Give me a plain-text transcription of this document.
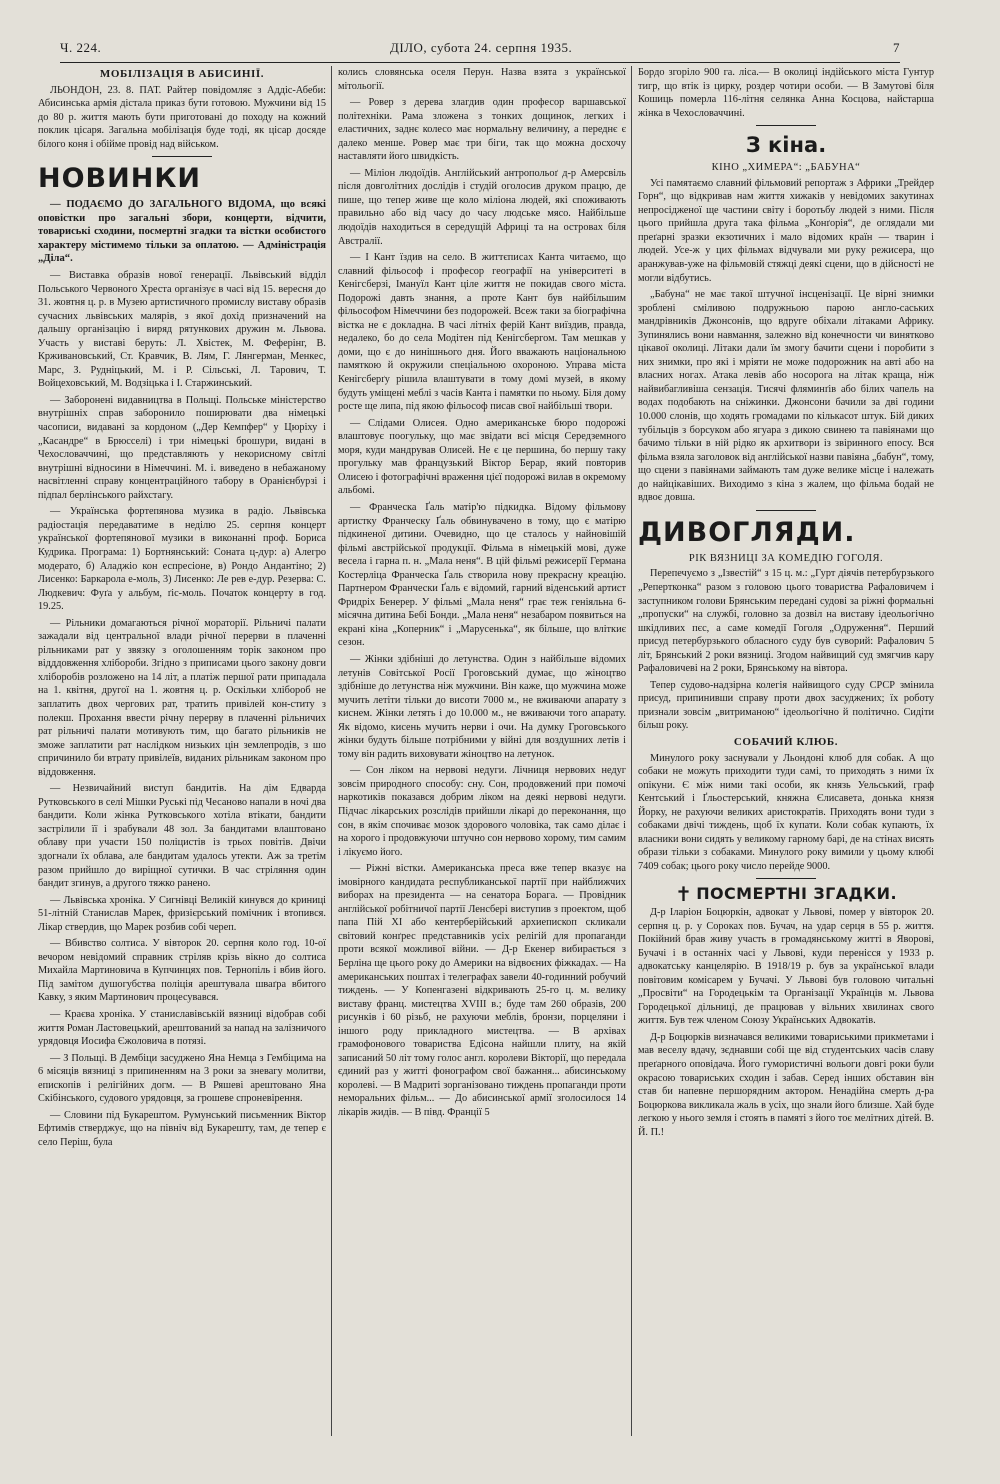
Ч. 224.	ДІЛО, субота 24. серпня 1935.	7
МОБІЛІЗАЦІЯ В АБИСИНІЇ.

ЛЬОНДОН, 23. 8. ПАТ. Райтер повідомляє з Аддіс-Абеби: Абисинська армія дістала приказ бути готовою. Мужчини від 15 до 80 р. життя мають бути приготовані до походу на кожний поклик цісаря. Загальна мобілізація буде тоді, як цісар досяде білого коня і обійме провід над військом.

НОВИНКИ

— ПОДАЄМО ДО ЗАГАЛЬНОГО ВІДОМА, що всякі оповістки про загальні збори, концерти, відчити, товариські сходини, посмертні згадки та вістки особистого характеру містимемо тільки за оплатою. — Адміністрація „Діла“.

— Виставка образів нової генерації. Львівський відділ Польського Червоного Хреста організує в часі від 15. вересня до 31. жовтня ц. р. в Музею артистичного промислу виставу образів сучасних львівських малярів, з якої дохід призначений на дальшу організацію і виряд рятункових дружин м. Львова. Участь у виставі беруть: Л. Хвістек, М. Феферінг, В. Крживановський, Ст. Кравчик, В. Лям, Г. Лянгерман, Менкес, Марс, З. Рудніцький, М. і Р. Сільські, Л. Тарович, Т. Войцеховський, М. Водзіцька і І. Старжинський.

— Заборонені видавництва в Польщі. Польське міністерство внутрішніх справ заборонило поширювати два німецькі часописи, видавані за кордоном („Дер Кемпфер“ у Цюріху і „Касандре“ в Брюсселі) і три німецькі брошури, видані в Чехословаччині, що представляють у некорисному світлі внутрішні відносини в Німеччині. М. і. виведено в небажаному насвітленні справу концентраційного табору в Оранієнбурзі і підпал берлінського райхстагу.

— Українська фортепянова музика в радіо. Львівська радіостація передаватиме в неділю 25. серпня концерт української фортепянової музики в виконанні проф. Бориса Кудрика. Програма: 1) Бортнянський: Соната ц-дур: а) Алегро модерато, б) Аладжіо кон еспресіоне, в) Рондо Андантіно; 2) Лисенко: Баркарола е-моль, 3) Лисенко: Ле рев е-дур. Резерва: С. Людкевич: Фуґа у альбум, ґіс-моль. Початок концерту в год. 19.25.

— Рільники домагаються річної мораторії. Рільничі палати зажадали від центральної влади річної перерви в плаченні рільниками рат у звязку з оголошенням торік законом про відддовження хлібороби. Згідно з приписами цього закону довги хліборобів розложено на 14 літ, а платіж першої рати припадала на 1. квітня, другої на 1. жовтня ц. р. Оскільки хлібороб не заплатить двох чергових рат, тратить привілей кон-ститу з полекш. Прохання ввести річну перерву в плаченні рільничих рат рільничі палати мотивують тим, що багато рільників не зможе заплатити рат наслідком низьких цін землепродів, з шо спричинило би втрату привілеїв, виданих рільникам законом про віддовження.

— Незвичайний виступ бандитів. На дім Едварда Рутковського в селі Мішки Руські під Чесаново напали в ночі два бандити. Коли жінка Рутковського хотіла втікати, бандити застрілили її і зрабували 48 зол. За бандитами влаштовано облаву при участи 150 поліцистів із трьох повітів. Двічи здогнали їх облава, але бандитам удалось утекти. Аж за третім разом прийшло до виріщної сутички. В час стріляння один бандит згинув, а другого тяжко ранено.

— Львівська хроніка. У Сигнівці Великій кинувся до криниці 51-літній Станислав Марек, фризієрський помічник і втопився. Лікар ствердив, що Марек розбив собі череп.

— Вбивство солтиса. У вівторок 20. серпня коло год. 10-ої вечором невідомий справник стріляв крізь вікно до солтиса Михайла Мартиновича в Купчинцях пов. Тернопіль і вбив його. Під замітом душогубства поліція арештувала шваґра вбитого Кавку, з яким Мартинович процесувався.

— Краєва хроніка. У станиславівській вязниці відобрав собі життя Роман Ластовецький, арештований за напад на залізничого урядовця Иосифа Єжоловича в потязі.

— З Польщі. В Дембіци засуджено Яна Немца з Гембіцима на 6 місяців вязниці з припиненням на 3 роки за зневагу молитви, епископів і релігійних догм. — В Ряшеві арештовано Яна Скібінського, судового урядовця, за грошеве спроневірення.

— Словини під Букарештом. Румунський письменник Віктор Ефтимів стверджує, що на північ від Букарешту, там, де тепер є село Періш, була

колись словянська оселя Перун. Назва взята з української мітольогії.

— Ровер з дерева злагдив один професор варшавської політехніки. Рама зложена з тонких дощинок, легких і еластичних, заднє колесо має нормальну величину, а переднє є далеко менше. Ровер має три біги, так що можна досхочу наставляти його швидкість.

— Міліон людоїдів. Англійський антропольоґ д-р Амерсвіль після довголітних дослідів і студій оголосив друком працю, де пише, що тепер живе ще коло міліона людей, які споживають правильно або від часу до часу людське мясо. Найбільше людоїдів находиться в середущій Африці та на островах біля Австралії.

— І Кант їздив на село. В життєписах Канта читаємо, що славний фільософ і професор географії на університеті в Кенігсберзі, Імануїл Кант ціле життя не покидав свого міста. Подорожі давть знання, а проте Кант був найбільшим фільософом Німеччини без подорожей. Всеж таки за біографічна вістка не є докладна. В часі літніх ферій Кант виїздив, правда, недалеко, бо до села Модітен під Кенігсбергом. Там мешкав у доми, що є до нинішнього дня. Його вважають національною памяткою й окружили спеціальною охороною. Управа міста Кенігсберґу рішила влаштувати в тому домі музей, в якому будуть уміщені меблі з часів Канта і памятки по ньому. Біля дому росте ще липа, під якою фільософ писав свої найбільші твори.

— Слідами Олисея. Одно американське бюро подорожі влаштовує поогульку, що має звідати всі місця Середземного моря, куди мандрував Олисей. Не є це першина, бо першу таку прогульку мав французький Віктор Берар, який повторив Олисею і фотографічні враження цієї подорожі вилав в окремому альбомі.

— Франческа Ґаль матір'ю підкидка. Відому фільмову артистку Франческу Ґаль обвинувачено в тому, що є матірю підкиненої дитини. Очевидно, що це сталось у найновішій фільмі австрійської продукції. Фільма в німецькій мові, дуже весела і гарна п. н. „Мала неня“. В цій фільмі режисерії Германа Костерліца Франческа Ґаль створила нову прекрасну креацію. Партнером Франчески Ґаль є відомий, гарний віденський артист Фридріх Бенерер. У фільмі „Мала неня“ грає теж геніяльна 6-місячна дитина Бебі Бонди. „Мала неня“ незабаром появиться на екрані кіна „Коперник“ і „Марусенька“, як більше, що вліткиє сезон.

— Жінки здібніші до летунства. Один з найбільше відомих летунів Совітської Росії Гроговський думає, що жіноцтво здібніше до летунства ніж мужчини. Він каже, що мужчина може мучить летіти тільки до висоти 7000 м., не вживаючи апарату з киснем. Жінки летять і до 10.000 м., не вживаючи того апарату. Як відомо, кисень мучить нерви і очи. На думку Гроговського жінки будуть більше потрібними у війні для воздушних летів і тому він радить виховувати жіноцтво на летунок.

— Сон ліком на нервові недуги. Лічниця нервових недуг зовсім природного способу: сну. Сон, продовжений при помочі наркотиків показався добрим ліком на деякі нервові недуги. Підчас лікарських розслідів прийшли лікарі до переконання, що сон, в якім спочиває мозок здорового чоловіка, так само ділає і на хорого і продовжуючи штучно сон нервово хорому, тим самим і лікуємо його.

— Ріжні вістки. Американська преса вже тепер вказує на імовірного кандидата республиканської партії при найближчих виборах на президента — на сенатора Борага. — Провідник англійської робітничої партії Ленсбері виступив з проектом, щоб папа Пій XI або кентерберійський архиепископ скликали світовий конґрес представників усіх релігій для пропаганди проти всякої можливої війни. — Д-р Екенер вибирається з Берліна ще цього року до Америки на відвоєних фіжкадах. — На американських поштах і телеграфах завели 40-годинний робучий тиждень. — У Копенгазені відкривають 25-го ц. м. велику виставу франц. мистецтва XVIII в.; буде там 260 образів, 200 рисунків і 60 різьб, не рахуючи меблів, бронзи, порцеляни і іншого роду прикладного мистецтва. — В архівах грамофонового товариства Едісона найшли плиту, на якій записаний 50 літ тому голос англ. королеви Вікторії, що передала єдиний раз у житті фонографом свої бажання... абисинському королеві. — В Мадриті зорганізовано тиждень пропаганди проти неморальних фільм... — До абисинської армії зголосилося 14 лікарів жидів. — В півд. Франції 5

Бордо згоріло 900 га. ліса.— В околиці індійського міста Гунтур тигр, що втік із цирку, роздер чотири особи. — В Замутові біля Кошиць померла 116-літня селянка Анна Косцова, найстарша жінка в Чехословаччині.

З кіна.
КІНО „ХИМЕРА“: „БАБУНА“

Усі памятаємо славний фільмовий репортаж з Африки „Трейдер Горн“, що відкривав нам життя хижаків у невідомих закутинах непросідженої ще частини світу і боротьбу людей з ними. Після цього прийшла друга така фільма „Конґорія“, де оглядали ми преґарні зразки екзотичних і мало відомих країн — тварин і людей. Усе-ж у цих фільмах відчували ми руку режисера, що аранжував-уже на фільмовій стяжці деякі сцени, що в дійсності не могли відбутись.

„Бабуна“ не має такої штучної інсценізації. Це вірні знимки зроблені сміливою подружньою парою англо-саських мандрівників Джонсонів, що вдруге обіхали літаками Африку. Зупинялись вони навмання, залежно від конечности чи винятково цікавої околиці. Літаки дали їм змогу бачити сцени і поробити з них знимки, про які і мріяти не може подорожник на авті або на власних ногах. Атака левів або носорога на літак краща, ніж найвибагливіша сензація. Тисячі фляминґів або білих чапель на водах подобають на сніжинки. Джонсони бачили за дві години 10.000 слонів, що ходять громадами по кількасот штук. Бій диких тубільців з борсуком або ягуара з дикою свинею та павіянами що бачимо тільки в ній рідко як архитвори із звіринного епосу. Вся фільма взяла заголовок від англійської назви павіяна „бабун“, тому, що сцени з павіянами займають там дуже велике місце і належать до найцікавіших. Виходимо з кіна з жалем, що фільма бодай не вдвоє довша.

ДИВОГЛЯДИ.
РІК ВЯЗНИЦІ ЗА КОМЕДІЮ ГОГОЛЯ.

Перепечуємо з „Ізвестій“ з 15 ц. м.: „Гурт діячів петербурзького „Репертконка“ разом з головою цього товариства Рафаловичем і заступником голови Брянським передані судові за ріжні формальні „пропуски“ на службі, головно за дозвіл на виставу ідеольогічно шкідливих пєс, а саме комедії Гоголя „Одруження“. Перший присуд петербурзького обласного суду був суворий: Рафалович 5 літ, Брянський 2 роки вязниці. Згодом найвищий суд змягчив кару Рафаловичеві на 2 роки, Брянському на вівтора.

Тепер судово-надзірна колегія найвищого суду СРСР змінила присуд, припинивши справу проти двох засуджених; їх роботу признали зовсім „витриманою“ ідеольогічно й політично. Сидіти більш року.

СОБАЧИЙ КЛЮБ.

Минулого року заснували у Льондоні клюб для собак. А що собаки не можуть приходити туди самі, то приходять з ними їх опікуни. Є між ними такі особи, як князь Уельський, граф Кентський і Ґльостерський, княжна Єлисавета, донька князя Йорку, не рахуючи великих аристократів. Приходять вони туди з собаками двічі тиждень, щоб їх купати. Коли собак купають, їх власники вони сидять у великому гарному барі, де на стінах висять образи тільки з собаками. Минулого року вимили у цьому клюбі 7409 собак; цього року число перейде 9000.

✝ ПОСМЕРТНІ ЗГАДКИ.

Д-р Іларіон Боцюркін, адвокат у Львові, помер у вівторок 20. серпня ц. р. у Сороках пов. Бучач, на удар серця в 55 р. життя. Покійний брав живу участь в громадянському житті в Яворові, Бучачі і в останніх часі у Львові, куди перенісся у 1933 р. адвокатську канцелярію. В 1918/19 р. був за української влади повітовим комісарем у Бучачі. У Львові був головою читальні „Просвіти“ на Городецькім та Організації Українців м. Львова Городецької дільниці, де працював у вільних хвилинах свого життя. Був теж членом Союзу Українських Адвокатів.

Д-р Боцюрків визначався великими товариськими прикметами і мав веселу вдачу, зєднавши собі ще від студентських часів славу преґарного оповідача. Його гумористичні вольоги довгі роки були окрасою товариських сходин і забав. Серед інших обставин він став би напевне першорядним актором. Ненадійна смерть д-ра Боцюркова викликала жаль в усіх, що знали його близше. Хай буде легкою у нього земля і стоять в памяті з його тоє мелітних дітей. В. Й. П.!
